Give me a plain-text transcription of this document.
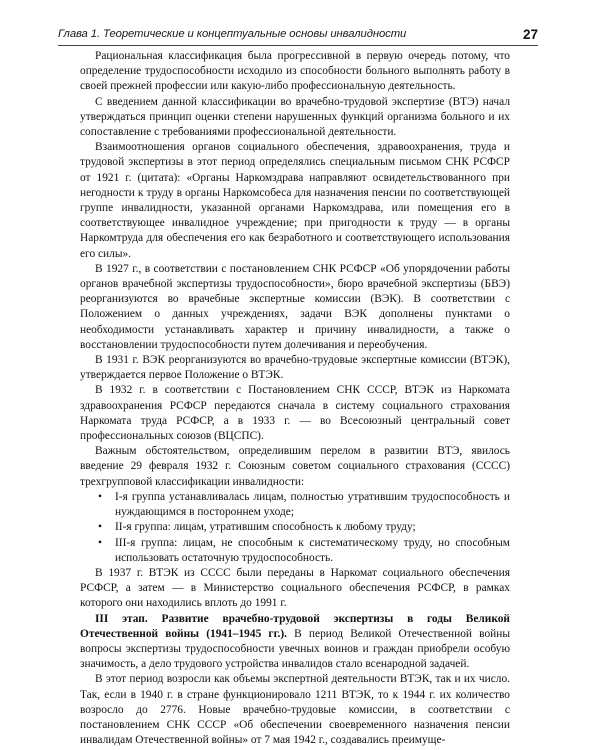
Глава 1. Теоретические и концептуальные основы инвалидности	27

Рациональная классификация была прогрессивной в первую очередь потому, что определение трудоспособности исходило из способности больного выполнять работу в своей прежней профессии или какую-либо профессиональную деятельность.

С введением данной классификации во врачебно-трудовой экспертизе (ВТЭ) начал утверждаться принцип оценки степени нарушенных функций организма больного и их сопоставление с требованиями профессиональной деятельности.

Взаимоотношения органов социального обеспечения, здравоохранения, труда и трудовой экспертизы в этот период определялись специальным письмом СНК РСФСР от 1921 г. (цитата): «Органы Наркомздрава направляют освидетельствованного при негодности к труду в органы Наркомсобеса для назначения пенсии по соответствующей группе инвалидности, указанной органами Наркомздрава, или помещения его в соответствующее инвалидное учреждение; при пригодности к труду — в органы Наркомтруда для обеспечения его как безработного и соответствующего использования его силы».

В 1927 г., в соответствии с постановлением СНК РСФСР «Об упорядочении работы органов врачебной экспертизы трудоспособности», бюро врачебной экспертизы (БВЭ) реорганизуются во врачебные экспертные комиссии (ВЭК). В соответствии с Положением о данных учреждениях, задачи ВЭК дополнены пунктами о необходимости устанавливать характер и причину инвалидности, а также о восстановлении трудоспособности путем долечивания и переобучения.

В 1931 г. ВЭК реорганизуются во врачебно-трудовые экспертные комиссии (ВТЭК), утверждается первое Положение о ВТЭК.

В 1932 г. в соответствии с Постановлением СНК СССР, ВТЭК из Наркомата здравоохранения РСФСР передаются сначала в систему социального страхования Наркомата труда РСФСР, а в 1933 г. — во Всесоюзный центральный совет профессиональных союзов (ВЦСПС).

Важным обстоятельством, определившим перелом в развитии ВТЭ, явилось введение 29 февраля 1932 г. Союзным советом социального страхования (СССС) трехгрупповой классификации инвалидности:

• I-я группа устанавливалась лицам, полностью утратившим трудоспособность и нуждающимся в постороннем уходе;
• II-я группа: лицам, утратившим способность к любому труду;
• III-я группа: лицам, не способным к систематическому труду, но способным использовать остаточную трудоспособность.

В 1937 г. ВТЭК из СССС были переданы в Наркомат социального обеспечения РСФСР, а затем — в Министерство социального обеспечения РСФСР, в рамках которого они находились вплоть до 1991 г.

III этап. Развитие врачебно-трудовой экспертизы в годы Великой Отечественной войны (1941–1945 гг.). В период Великой Отечественной войны вопросы экспертизы трудоспособности увечных воинов и граждан приобрели особую значимость, а дело трудового устройства инвалидов стало всенародной задачей.

В этот период возросли как объемы экспертной деятельности ВТЭК, так и их число. Так, если в 1940 г. в стране функционировало 1211 ВТЭК, то к 1944 г. их количество возросло до 2776. Новые врачебно-трудовые комиссии, в соответствии с постановлением СНК СССР «Об обеспечении своевременного назначения пенсии инвалидам Отечественной войны» от 7 мая 1942 г., создавались преимуще-
